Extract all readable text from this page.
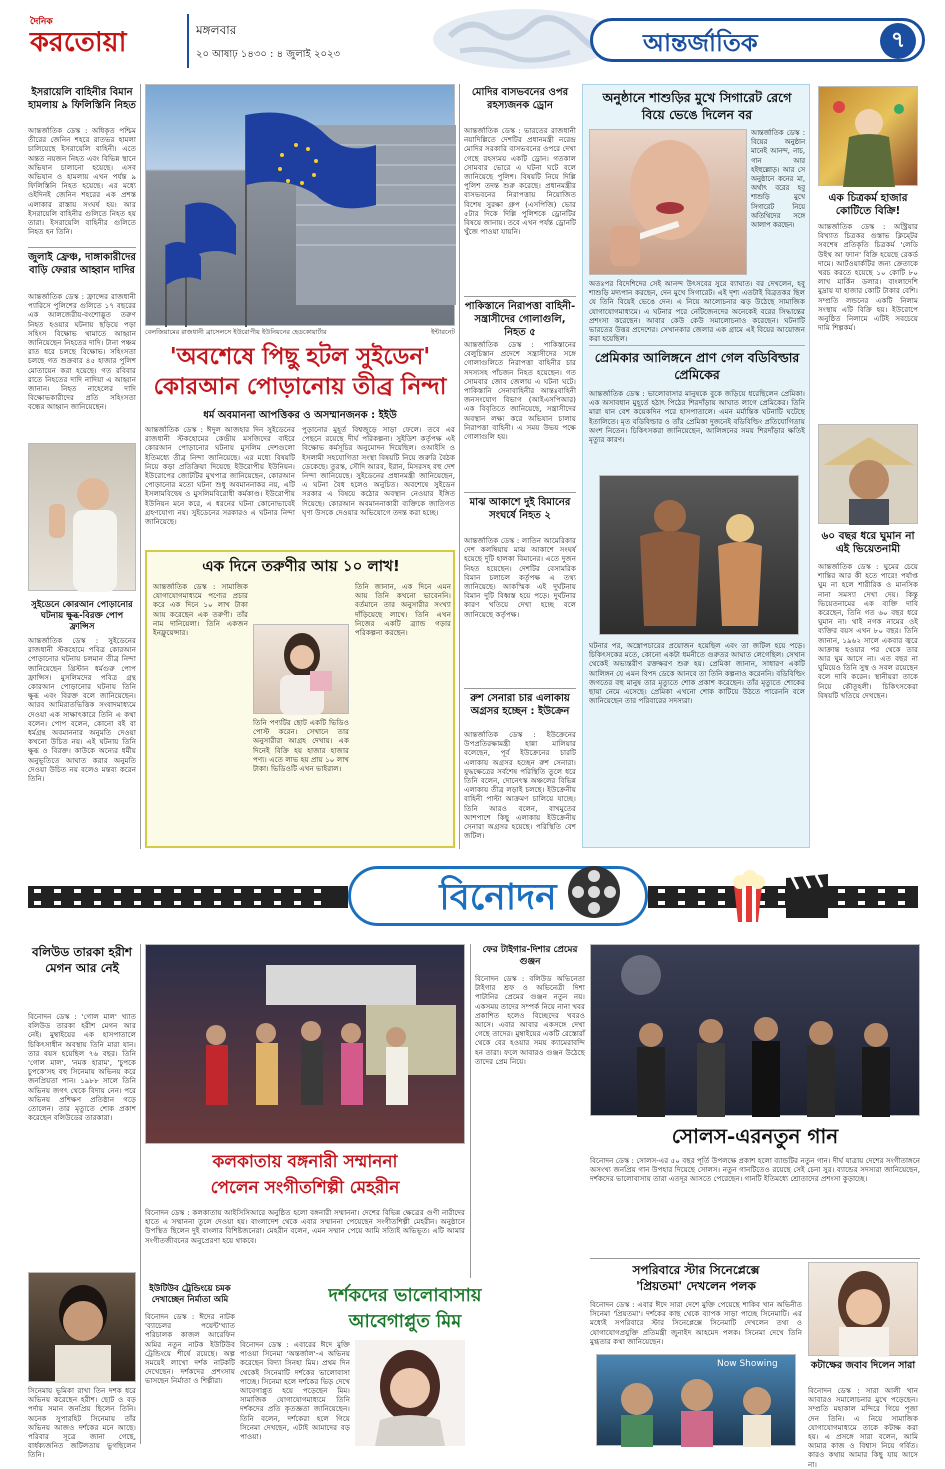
দৈনিক
করতোয়া	মঙ্গলবার
২০ আষাঢ় ১৪৩০ : ৪ জুলাই ২০২৩	আন্তর্জাতিক	৭
ইসরায়েলি বাহিনীর বিমান হামলায় ৯ ফিলিস্তিনি নিহত
আন্তর্জাতিক ডেস্ক : অধিকৃত পশ্চিম তীরের জেনিন শহরে রাতভর হামলা চালিয়েছে ইসরায়েলি বাহিনী। এতে অন্তত নয়জন নিহত এবং বিভিন্ন স্থানে অভিযান চালানো হয়েছে। এসব অভিযান ও হামলায় এখন পর্যন্ত ৯ ফিলিস্তিনি নিহত হয়েছে। এর মধ্যে ওইদিনই জেনিন শহরের এক প্রশস্ত এলাকার রাস্তায় সংঘর্ষ হয়। আর ইসরায়েলি বাহিনীর গুলিতে নিহত হয় তারা। ইসরায়েলি বাহিনীর গুলিতে নিহত হন তিনি।
জুলাই ফ্রেঞ্চ, দাঙ্গাকারীদের বাড়ি ফেরার আহ্বান দাদির
আন্তর্জাতিক ডেস্ক : ফ্রান্সের রাজধানী প্যারিসে পুলিশের গুলিতে ১৭ বছরের এক আলজেরীয়-বংশোদ্ভূত তরুণ নিহত হওয়ার ঘটনায় ছড়িয়ে পড়া সহিংস বিক্ষোভ থামাতে আহ্বান জানিয়েছেন নিহতের দাদি। টানা পঞ্চম রাত ধরে চলছে বিক্ষোভ। সহিংসতা চলছে গত শুক্রবার ৪৫ হাজার পুলিশ মোতায়েন করা হয়েছে। গত রবিবার রাতে নিহতের দাদি নাদিয়া এ আহ্বান জানান। নিহত নাহেলের দাদি বিক্ষোভকারীদের প্রতি সহিংসতা বন্ধের আহ্বান জানিয়েছেন।
সুইডেনে কোরআন পোড়ানোর ঘটনায় ক্ষুব্ধ-বিরক্ত পোপ ফ্রান্সিস
আন্তর্জাতিক ডেস্ক : সুইডেনের রাজধানী স্টকহোমে পবিত্র কোরআন পোড়ানোর ঘটনায় চলমান তীব্র নিন্দা জানিয়েছেন খ্রিস্টান ধর্মগুরু পোপ ফ্রান্সিস। মুসলিমদের পবিত্র গ্রন্থ কোরআন পোড়ানোর ঘটনায় তিনি ক্ষুব্ধ এবং বিরক্ত বলে জানিয়েছেন। আরব আমিরাতভিত্তিক সংবাদমাধ্যমে দেওয়া এক সাক্ষাৎকারে তিনি এ কথা বলেন। পোপ বলেন, কোনো বই বা ধর্মগ্রন্থ অবমাননার অনুমতি দেওয়া কখনো উচিত নয়। এই ঘটনায় তিনি ক্ষুব্ধ ও বিরক্ত। কাউকে অন্যের ধর্মীয় অনুভূতিতে আঘাত করার অনুমতি দেওয়া উচিত নয় বলেও মন্তব্য করেন তিনি।
বেলজিয়ামের রাজধানী ব্রাসেলসে ইউরোপীয় ইউনিয়নের হেডকোয়ার্টার	ইন্টারনেট
'অবশেষে পিছু হটল সুইডেন'
কোরআন পোড়ানোয় তীব্র নিন্দা
ধর্ম অবমাননা আপত্তিকর ও অসম্মানজনক : ইইউ
আন্তর্জাতিক ডেস্ক : ঈদুল আজহার দিন সুইডেনের রাজধানী স্টকহোমের কেন্দ্রীয় মসজিদের বাইরে কোরআন পোড়ানোর ঘটনায় মুসলিম দেশগুলো ইতিমধ্যে তীব্র নিন্দা জানিয়েছে। এর মধ্যে বিষয়টি নিয়ে কড়া প্রতিক্রিয়া দিয়েছে ইউরোপীয় ইউনিয়ন। ইউরোপের জোটটির মুখপাত্র জানিয়েছেন, কোরআন পোড়ানোর মতো ঘটনা শুধু অবমাননাকর নয়, এটি ইসলামবিদ্বেষ ও মুসলিমবিরোধী কর্মকাণ্ড। ইউরোপীয় ইউনিয়ন মনে করে, এ ধরনের ঘটনা কোনোভাবেই গ্রহণযোগ্য নয়। সুইডেনের সরকারও এ ঘটনার নিন্দা জানিয়েছে।
পুড়ানোর মুহূর্ত বিশ্বজুড়ে সাড়া ফেলে। তবে এর পেছনে রয়েছে দীর্ঘ পরিকল্পনা। সুইডিশ কর্তৃপক্ষ এই বিক্ষোভ কর্মসূচির অনুমোদন দিয়েছিল। ওআইসি ও ইসলামী সহযোগিতা সংস্থা বিষয়টি নিয়ে জরুরি বৈঠক ডেকেছে। তুরস্ক, সৌদি আরব, ইরান, মিসরসহ বহু দেশ নিন্দা জানিয়েছে। সুইডেনের প্রধানমন্ত্রী জানিয়েছেন, এ ঘটনা বৈধ হলেও অনুচিত। অবশেষে সুইডেন সরকার এ বিষয়ে কঠোর অবস্থান নেওয়ার ইঙ্গিত দিয়েছে। কোরআন অবমাননাকারী ব্যক্তিকে জাতিগত ঘৃণা উসকে দেওয়ার অভিযোগে তদন্ত করা হচ্ছে।
এক দিনে তরুণীর আয় ১০ লাখ!
আন্তর্জাতিক ডেস্ক : সামাজিক যোগাযোগমাধ্যমে পণ্যের প্রচার করে এক দিনে ১০ লাখ টাকা আয় করেছেন এক তরুণী। তাঁর নাম দানিয়েলা। তিনি একজন ইনফ্লুয়েন্সার।
তিনি পণ্যটির ছোট একটি ভিডিও পোস্ট করেন। সেখানে তার অনুসারীরা আগ্রহ দেখায়। এক দিনেই বিক্রি হয় হাজার হাজার পণ্য। এতে লাভ হয় প্রায় ১০ লাখ টাকা। ভিডিওটি এখন ভাইরাল।
তিনি জানান, এক দিনে এমন আয় তিনি কখনো ভাবেননি। বর্তমানে তার অনুসারীর সংখ্যা দাঁড়িয়েছে লাখে। তিনি এখন নিজের একটি ব্র্যান্ড গড়ার পরিকল্পনা করছেন।
মোদির বাসভবনের ওপর রহস্যজনক ড্রোন
আন্তর্জাতিক ডেস্ক : ভারতের রাজধানী নয়াদিল্লিতে দেশটির প্রধানমন্ত্রী নরেন্দ্র মোদির সরকারি বাসভবনের ওপরে দেখা গেছে রহস্যময় একটি ড্রোন। গতকাল সোমবার ভোরে এ ঘটনা ঘটে বলে জানিয়েছে পুলিশ। বিষয়টি নিয়ে দিল্লি পুলিশ তদন্ত শুরু করেছে। প্রধানমন্ত্রীর বাসভবনের নিরাপত্তায় নিয়োজিত বিশেষ সুরক্ষা গ্রুপ (এসপিজি) ভোর ৫টার দিকে দিল্লি পুলিশকে ড্রোনটির বিষয়ে জানায়। তবে এখন পর্যন্ত ড্রোনটি খুঁজে পাওয়া যায়নি।
পাকিস্তানে নিরাপত্তা বাহিনী-সন্ত্রাসীদের গোলাগুলি, নিহত ৫
আন্তর্জাতিক ডেস্ক : পাকিস্তানের বেলুচিস্তান প্রদেশে সন্ত্রাসীদের সঙ্গে গোলাগুলিতে নিরাপত্তা বাহিনীর চার সদস্যসহ পাঁচজন নিহত হয়েছেন। গত সোমবার জোব জেলায় এ ঘটনা ঘটে। পাকিস্তানি সেনাবাহিনীর আন্তঃবাহিনী জনসংযোগ বিভাগ (আইএসপিআর) এক বিবৃতিতে জানিয়েছে, সন্ত্রাসীদের অবস্থান লক্ষ্য করে অভিযান চালায় নিরাপত্তা বাহিনী। এ সময় উভয় পক্ষে গোলাগুলি হয়।
মাঝ আকাশে দুই বিমানের সংঘর্ষে নিহত ২
আন্তর্জাতিক ডেস্ক : লাতিন আমেরিকার দেশ কলম্বিয়ায় মাঝ আকাশে সংঘর্ষ হয়েছে দুটি হালকা বিমানের। এতে দুজন নিহত হয়েছেন। দেশটির বেসামরিক বিমান চলাচল কর্তৃপক্ষ এ তথ্য জানিয়েছে। আকস্মিক এই দুর্ঘটনায় বিমান দুটি বিধ্বস্ত হয়ে পড়ে। দুর্ঘটনার কারণ খতিয়ে দেখা হচ্ছে বলে জানিয়েছে কর্তৃপক্ষ।
রুশ সেনারা চার এলাকায় অগ্রসর হচ্ছেন : ইউক্রেন
আন্তর্জাতিক ডেস্ক : ইউক্রেনের উপপ্রতিরক্ষামন্ত্রী হান্না মালিয়ার বলেছেন, পূর্ব ইউক্রেনের চারটি এলাকায় অগ্রসর হচ্ছেন রুশ সেনারা। যুদ্ধক্ষেত্রের সর্বশেষ পরিস্থিতি তুলে ধরে তিনি বলেন, দোনেৎস্ক অঞ্চলের বিভিন্ন এলাকায় তীব্র লড়াই চলছে। ইউক্রেনীয় বাহিনী পাল্টা আক্রমণ চালিয়ে যাচ্ছে। তিনি আরও বলেন, বাখমুতের আশপাশে কিছু এলাকায় ইউক্রেনীয় সেনারা অগ্রসর হয়েছে। পরিস্থিতি বেশ জটিল।
অনুষ্ঠানে শাশুড়ির মুখে সিগারেট রেগে বিয়ে ভেঙে দিলেন বর
আন্তর্জাতিক ডেস্ক : বিয়ের অনুষ্ঠান মানেই আনন্দ, নাচ, গান আর হইহুল্লোড়। আর সে অনুষ্ঠানে কনের মা, অর্থাৎ বরের হবু শাশুড়ি মুখে সিগারেট নিয়ে অতিথিদের সঙ্গে আলাপ করছেন।
অতঃপর বিদেশিদের সেই আনন্দ উৎসবের সুরে ব্যাঘাত। বর দেখলেন, হবু শাশুড়ি মদ্যপান করছেন, দেন মুখে সিগারেট। এই দৃশ্য এতটাই বিব্রতকর ছিল যে তিনি বিয়েই ভেঙে দেন। এ নিয়ে আলোচনার ঝড় উঠেছে সামাজিক যোগাযোগমাধ্যমে। এ ঘটনার পরে নেটিজেনদের অনেকেই বরের সিদ্ধান্তের প্রশংসা করেছেন। আবার কেউ কেউ সমালোচনাও করেছেন। ঘটনাটি ভারতের উত্তর প্রদেশের। সেখানকার জেলার এক গ্রামে এই বিয়ের আয়োজন করা হয়েছিল।
প্রেমিকার আলিঙ্গনে প্রাণ গেল বডিবিল্ডার প্রেমিকের
আন্তর্জাতিক ডেস্ক : ভালোবাসার মানুষকে বুকে জড়িয়ে ধরেছিলেন প্রেমিকা। এক অসাবধান মুহূর্তে হঠাৎ পিঠের শিরদাঁড়ায় আঘাত লাগে প্রেমিকের। তিনি মারা যান বেশ কয়েকদিন পরে হাসপাতালে। এমন মর্মান্তিক ঘটনাটি ঘটেছে ইতালিতে। মৃত বডিবিল্ডার ও তাঁর প্রেমিকা দুজনেই বডিবিল্ডিং প্রতিযোগিতায় অংশ নিতেন। চিকিৎসকরা জানিয়েছেন, আলিঙ্গনের সময় শিরদাঁড়ার ক্ষতিই মৃত্যুর কারণ।
ঘটনার পর, অস্ত্রোপচারের প্রয়োজন হয়েছিল এবং তা জটিল হয়ে পড়ে। চিকিৎসকের মতে, কোনো একটা ধমনীতে গুরুতর আঘাত লেগেছিল। সেখান থেকেই অভ্যন্তরীণ রক্তক্ষরণ শুরু হয়। প্রেমিকা জানান, সাধারণ একটি আলিঙ্গন যে এমন বিপদ ডেকে আনবে তা তিনি কল্পনাও করেননি। বডিবিল্ডিং জগতের বহু মানুষ তার মৃত্যুতে শোক প্রকাশ করেছেন। তাঁর মৃত্যুতে শোকের ছায়া নেমে এসেছে। প্রেমিকা এখনো শোক কাটিয়ে উঠতে পারেননি বলে জানিয়েছেন তার পরিবারের সদস্যরা।
এক চিত্রকর্ম হাজার কোটিতে বিক্রি!
আন্তর্জাতিক ডেস্ক : অস্ট্রিয়ার বিখ্যাত চিত্রকর গুস্তাভ ক্লিম্টের সবশেষ প্রতিকৃতি চিত্রকর্ম 'লেডি উইথ আ ফ্যান' বিক্রি হয়েছে রেকর্ড দামে। আর্টওয়ার্কটির জন্য ক্রেতাকে খরচ করতে হয়েছে ১০ কোটি ৮০ লাখ মার্কিন ডলার। বাংলাদেশি মুদ্রায় যা হাজার কোটি টাকার বেশি। সম্প্রতি লন্ডনের একটি নিলাম সংস্থায় এটি বিক্রি হয়। ইউরোপে অনুষ্ঠিত নিলামে এটিই সবচেয়ে দামি শিল্পকর্ম।
৬০ বছর ধরে ঘুমান না এই ভিয়েতনামী
আন্তর্জাতিক ডেস্ক : ঘুমের চেয়ে শান্তির আর কী হতে পারে! পর্যাপ্ত ঘুম না হলে শারীরিক ও মানসিক নানা সমস্যা দেখা দেয়। কিন্তু ভিয়েতনামের এক ব্যক্তি দাবি করেছেন, তিনি গত ৬০ বছর ধরে ঘুমান না। থাই নগক নামের ওই ব্যক্তির বয়স এখন ৮০ বছর। তিনি জানান, ১৯৬২ সালে একবার জ্বরে আক্রান্ত হওয়ার পর থেকে তার আর ঘুম আসে না। এত বছর না ঘুমিয়েও তিনি সুস্থ ও সবল রয়েছেন বলে দাবি করেন। স্থানীয়রা তাকে নিয়ে কৌতূহলী। চিকিৎসকেরা বিষয়টি খতিয়ে দেখছেন।
বিনোদন
বলিউড তারকা হরীশ মেগন আর নেই
বিনোদন ডেস্ক : 'গোল মাল' খ্যাত বলিউড তারকা হরীশ মেগন আর নেই। মুম্বাইয়ের এক হাসপাতালে চিকিৎসাধীন অবস্থায় তিনি মারা যান। তার বয়স হয়েছিল ৭৬ বছর। তিনি 'গোল মাল', 'নমক হারাম', 'চুপকে চুপকে'সহ বহু সিনেমায় অভিনয় করে জনপ্রিয়তা পান। ১৯৮৮ সালে তিনি অভিনয় জগৎ থেকে বিদায় নেন। পরে অভিনয় প্রশিক্ষণ প্রতিষ্ঠান গড়ে তোলেন। তার মৃত্যুতে শোক প্রকাশ করেছেন বলিউডের তারকারা।
সিনেমায় ভূমিকা রাখা তিন দশক ধরে অভিনয় করেছেন হরীশ। ছোট ও বড় পর্দায় সমান জনপ্রিয় ছিলেন তিনি। অনেক সুপারহিট সিনেমায় তাঁর অভিনয় আজও দর্শকের মনে আছে। পরিবার সূত্রে জানা গেছে, বার্ধক্যজনিত জটিলতায় ভুগছিলেন তিনি।
কলকাতায় বঙ্গনারী সম্মাননা
পেলেন সংগীতশিল্পী মেহরীন
বিনোদন ডেস্ক : কলকাতায় আইসিসিআরে অনুষ্ঠিত হলো বঙ্গনারী সম্মাননা। দেশের বিভিন্ন ক্ষেত্রের গুণী নারীদের হাতে এ সম্মাননা তুলে দেওয়া হয়। বাংলাদেশ থেকে এবার সম্মাননা পেয়েছেন সংগীতশিল্পী মেহরীন। অনুষ্ঠানে উপস্থিত ছিলেন দুই বাংলার বিশিষ্টজনেরা। মেহরীন বলেন, এমন সম্মান পেয়ে আমি সত্যিই অভিভূত। এটি আমার সংগীতজীবনের অনুপ্রেরণা হয়ে থাকবে।
ইউটিউব ট্রেন্ডিংয়ে চমক দেখাচ্ছেন নির্মাতা অমি
বিনোদন ডেস্ক : ঈদের নাটক 'ব্যাচেলর পয়েন্ট'খ্যাত পরিচালক কাজল আরেফিন অমির নতুন নাটক ইউটিউব ট্রেন্ডিংয়ে শীর্ষে রয়েছে। অল্প সময়েই লাখো দর্শক নাটকটি দেখেছেন। দর্শকদের প্রশংসায় ভাসছেন নির্মাতা ও শিল্পীরা।
দর্শকদের ভালোবাসায়
আবেগাপ্লুত মিম
বিনোদন ডেস্ক : এবারের ঈদে মুক্তি পাওয়া সিনেমা 'অন্তর্জাল'-এ অভিনয় করেছেন বিদ্যা সিনহা মিম। প্রথম দিন থেকেই সিনেমাটি দর্শকের ভালোবাসা পাচ্ছে। সিনেমা হলে দর্শকের ভিড় দেখে আবেগাপ্লুত হয়ে পড়েছেন মিম। সামাজিক যোগাযোগমাধ্যমে তিনি দর্শকদের প্রতি কৃতজ্ঞতা জানিয়েছেন। তিনি বলেন, দর্শকেরা হলে গিয়ে সিনেমা দেখছেন, এটাই আমাদের বড় পাওয়া।
ফের টাইগার-দিশার প্রেমের গুঞ্জন
বিনোদন ডেস্ক : বলিউড অভিনেতা টাইগার শ্রফ ও অভিনেত্রী দিশা পাটানির প্রেমের গুঞ্জন নতুন নয়। একসময় তাদের সম্পর্ক নিয়ে নানা খবর প্রকাশিত হলেও বিচ্ছেদের খবরও আসে। এবার আবার একসঙ্গে দেখা গেছে তাদের। মুম্বাইয়ের একটি রেস্তোরাঁ থেকে বের হওয়ার সময় ক্যামেরাবন্দি হন তারা। ফলে আবারও গুঞ্জন উঠেছে তাদের প্রেম নিয়ে।
সোলস-এরনতুন গান
বিনোদন ডেস্ক : সোলস-এর ৫০ বছর পূর্তি উপলক্ষে প্রকাশ হলো ব্যান্ডটির নতুন গান। দীর্ঘ যাত্রায় দেশের সংগীতাঙ্গনে অসংখ্য জনপ্রিয় গান উপহার দিয়েছে সোলস। নতুন গানটিতেও রয়েছে সেই চেনা সুর। ব্যান্ডের সদস্যরা জানিয়েছেন, দর্শকদের ভালোবাসায় তারা এতদূর আসতে পেরেছেন। গানটি ইতিমধ্যে শ্রোতাদের প্রশংসা কুড়াচ্ছে।
সপরিবারে স্টার সিনেপ্লেক্সে
'প্রিয়তমা' দেখলেন পলক
বিনোদন ডেস্ক : এবার ঈদে সারা দেশে মুক্তি পেয়েছে শাকিব খান অভিনীত সিনেমা 'প্রিয়তমা'। দর্শকের কাছ থেকে ব্যাপক সাড়া পাচ্ছে সিনেমাটি। এর মধ্যেই সপরিবারে স্টার সিনেপ্লেক্সে সিনেমাটি দেখলেন তথ্য ও যোগাযোগপ্রযুক্তি প্রতিমন্ত্রী জুনাইদ আহমেদ পলক। সিনেমা দেখে তিনি মুগ্ধতার কথা জানিয়েছেন।
Now Showing	কটাক্ষের জবাব দিলেন সারা
বিনোদন ডেস্ক : সারা আলী খান আবারও সমালোচনার মুখে পড়েছেন। সম্প্রতি মহাকাল মন্দিরে গিয়ে পূজা দেন তিনি। এ নিয়ে সামাজিক যোগাযোগমাধ্যমে তাকে কটাক্ষ করা হয়। এ প্রসঙ্গে সারা বলেন, আমি আমার কাজ ও বিশ্বাস নিয়ে গর্বিত। কারও কথায় আমার কিছু যায় আসে না।
